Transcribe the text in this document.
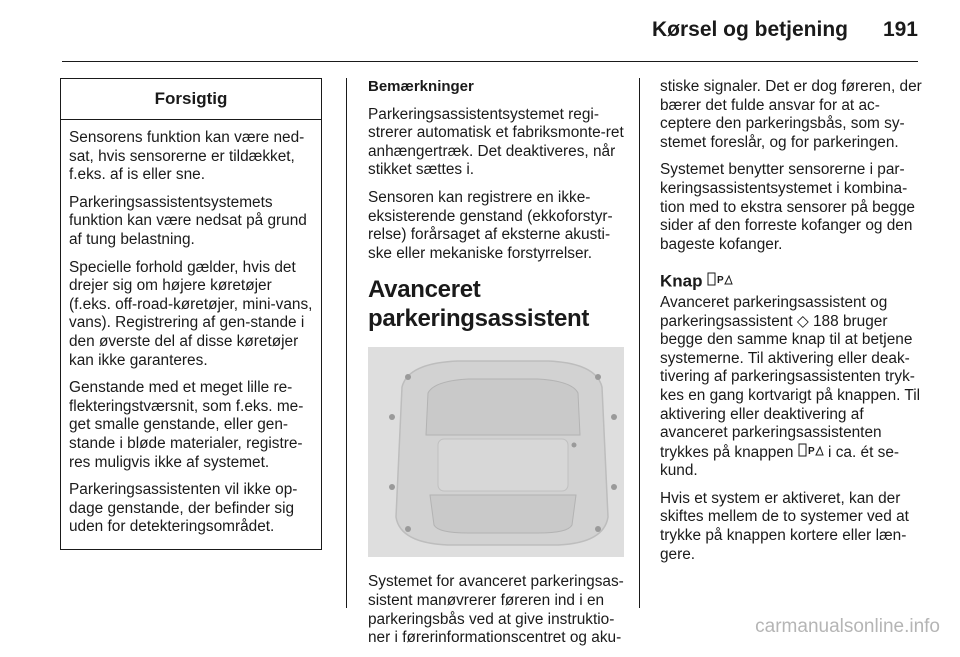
Kørsel og betjening 191
Forsigtig

Sensorens funktion kan være ned-sat, hvis sensorerne er tildækket, f.eks. af is eller sne.

Parkeringsassistentsystemets funktion kan være nedsat på grund af tung belastning.

Specielle forhold gælder, hvis det drejer sig om højere køretøjer (f.eks. off-road-køretøjer, mini-vans, vans). Registrering af gen-stande i den øverste del af disse køretøjer kan ikke garanteres.

Genstande med et meget lille re-flekteringstværsnit, som f.eks. me-get smalle genstande, eller gen-stande i bløde materialer, registre-res muligvis ikke af systemet.

Parkeringsassistenten vil ikke op-dage genstande, der befinder sig uden for detekteringsområdet.

Bemærkninger

Parkeringsassistentsystemet regi-strerer automatisk et fabriksmonte-ret anhængertræk. Det deaktiveres, når stikket sættes i.

Sensoren kan registrere en ikke-eksisterende genstand (ekkoforstyr-relse) forårsaget af eksterne akusti-ske eller mekaniske forstyrrelser.

Avanceret parkeringsassistent

Systemet for avanceret parkeringsas-sistent manøvrerer føreren ind i en parkeringsbås ved at give instruktio-ner i førerinformationscentret og aku-

stiske signaler. Det er dog føreren, der bærer det fulde ansvar for at ac-ceptere den parkeringsbås, som sy-stemet foreslår, og for parkeringen.

Systemet benytter sensorerne i par-keringsassistentsystemet i kombina-tion med to ekstra sensorer på begge sider af den forreste kofanger og den bageste kofanger.

Knap P

Avanceret parkeringsassistent og parkeringsassistent ◇ 188 bruger begge den samme knap til at betjene systemerne. Til aktivering eller deak-tivering af parkeringsassistenten tryk-kes en gang kortvarigt på knappen. Til aktivering eller deaktivering af avanceret parkeringsassistenten trykkes på knappen P i ca. ét se-kund.

Hvis et system er aktiveret, kan der skiftes mellem de to systemer ved at trykke på knappen kortere eller læn-gere.

carmanualsonline.info
